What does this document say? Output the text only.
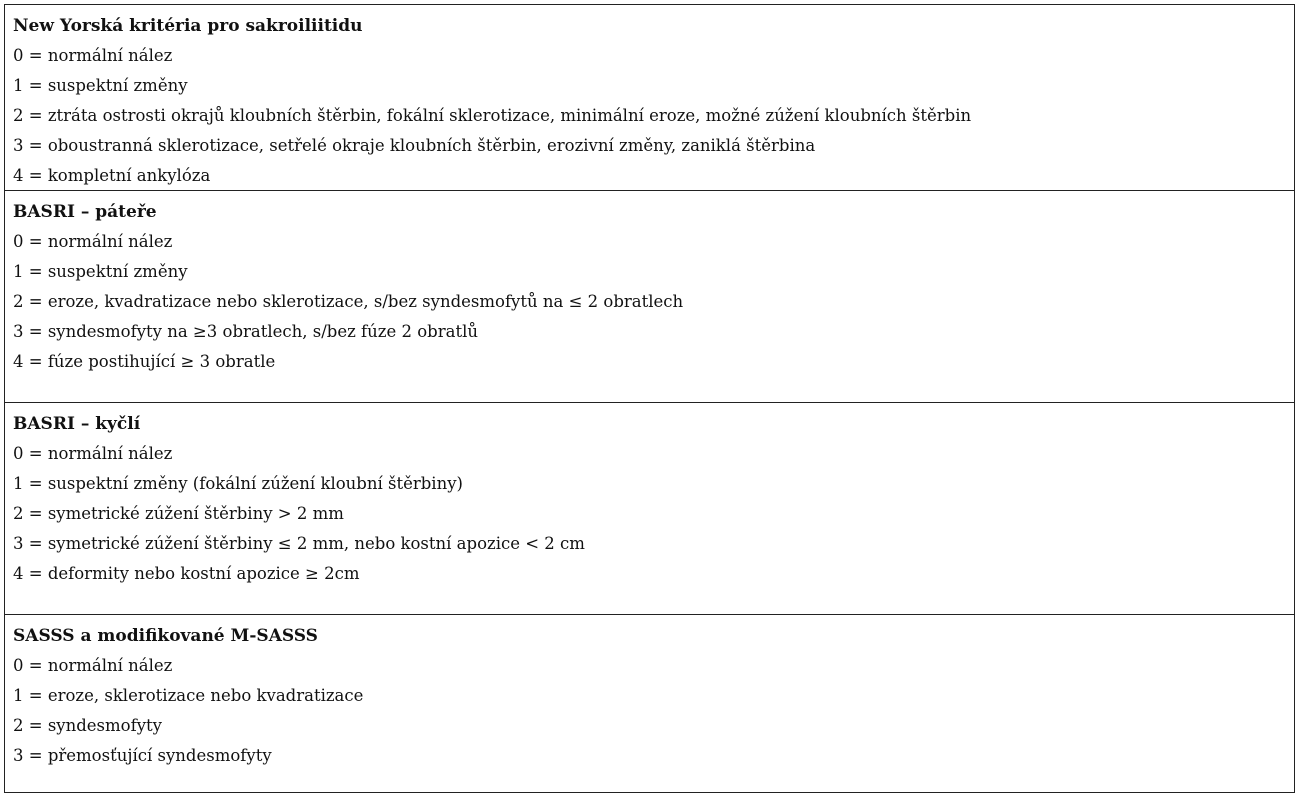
New Yorská kritéria pro sakroiliitidu
0 = normální nález
1 = suspektní změny
2 = ztráta ostrosti okrajů kloubních štěrbin, fokální sklerotizace, minimální eroze, možné zúžení kloubních štěrbin
3 = oboustranná sklerotizace, setřelé okraje kloubních štěrbin, erozivní změny, zaniklá štěrbina
4 = kompletní ankylóza
BASRI – páteře
0 = normální nález
1 = suspektní změny
2 = eroze, kvadratizace nebo sklerotizace, s/bez syndesmofytů na ≤ 2 obratlech
3 = syndesmofyty na ≥3 obratlech, s/bez fúze 2 obratlů
4 = fúze postihující ≥ 3 obratle
BASRI – kyčlí
0 = normální nález
1 = suspektní změny (fokální zúžení kloubní štěrbiny)
2 = symetrické zúžení štěrbiny > 2 mm
3 = symetrické zúžení štěrbiny ≤ 2 mm, nebo kostní apozice < 2 cm
4 = deformity nebo kostní apozice ≥ 2cm
SASSS a modifikované M-SASSS
0 = normální nález
1 = eroze, sklerotizace nebo kvadratizace
2 = syndesmofyty
3 = přemosťující syndesmofyty
